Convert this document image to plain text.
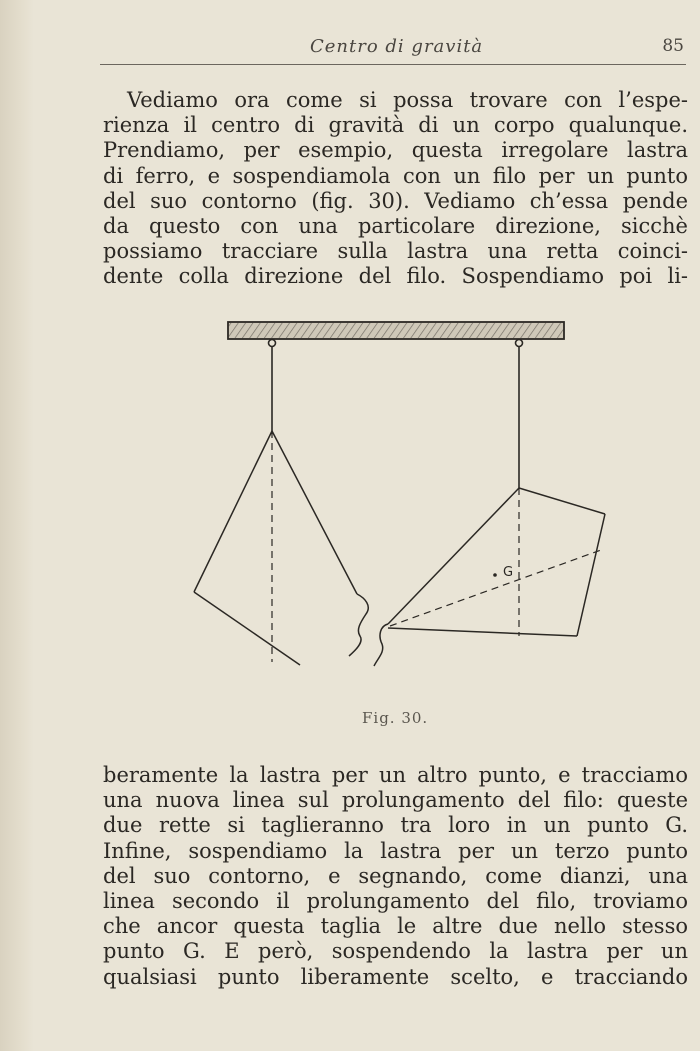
Centro di gravità	85
Vediamo ora come si possa trovare con l’espe-
rienza il centro di gravità di un corpo qualunque.
Prendiamo, per esempio, questa irregolare lastra
di ferro, e sospendiamola con un filo per un punto
del suo contorno (fig. 30). Vediamo ch’essa pende
da questo con una particolare direzione, sicchè
possiamo tracciare sulla lastra una retta coinci-
dente colla direzione del filo. Sospendiamo poi li-
G
Fig. 30.
beramente la lastra per un altro punto, e tracciamo
una nuova linea sul prolungamento del filo: queste
due rette si taglieranno tra loro in un punto G.
Infine, sospendiamo la lastra per un terzo punto
del suo contorno, e segnando, come dianzi, una
linea secondo il prolungamento del filo, troviamo
che ancor questa taglia le altre due nello stesso
punto G. E però, sospendendo la lastra per un
qualsiasi punto liberamente scelto, e tracciando
